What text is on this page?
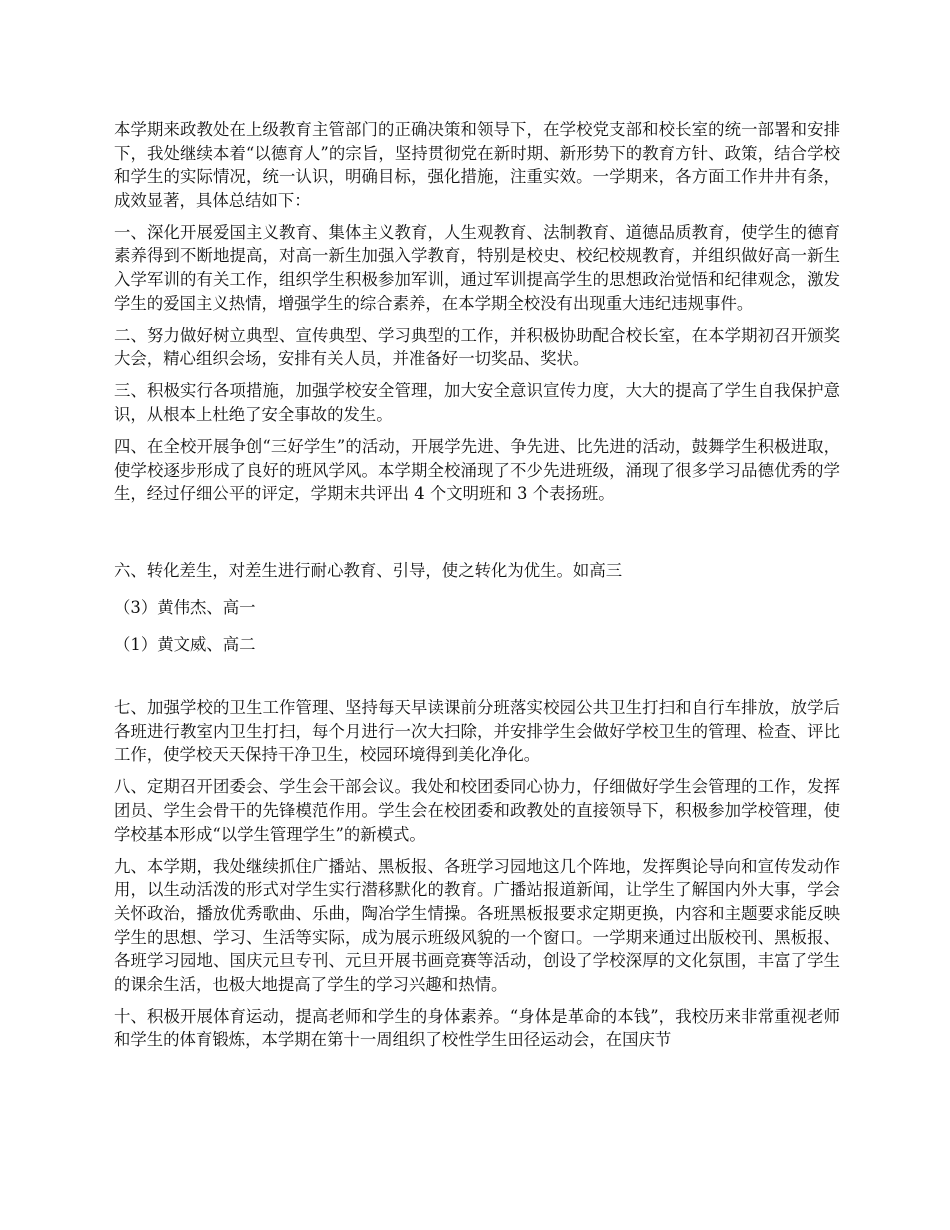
本学期来政教处在上级教育主管部门的正确决策和领导下，在学校党支部和校长室的统一部署和安排下，我处继续本着“以德育人”的宗旨，坚持贯彻党在新时期、新形势下的教育方针、政策，结合学校和学生的实际情况，统一认识，明确目标，强化措施，注重实效。一学期来，各方面工作井井有条，成效显著，具体总结如下：

一、深化开展爱国主义教育、集体主义教育，人生观教育、法制教育、道德品质教育，使学生的德育素养得到不断地提高，对高一新生加强入学教育，特别是校史、校纪校规教育，并组织做好高一新生入学军训的有关工作，组织学生积极参加军训，通过军训提高学生的思想政治觉悟和纪律观念，激发学生的爱国主义热情，增强学生的综合素养，在本学期全校没有出现重大违纪违规事件。

二、努力做好树立典型、宣传典型、学习典型的工作，并积极协助配合校长室，在本学期初召开颁奖大会，精心组织会场，安排有关人员，并准备好一切奖品、奖状。

三、积极实行各项措施，加强学校安全管理，加大安全意识宣传力度，大大的提高了学生自我保护意识，从根本上杜绝了安全事故的发生。

四、在全校开展争创“三好学生”的活动，开展学先进、争先进、比先进的活动，鼓舞学生积极进取，使学校逐步形成了良好的班风学风。本学期全校涌现了不少先进班级，涌现了很多学习品德优秀的学生，经过仔细公平的评定，学期末共评出 4 个文明班和 3 个表扬班。

六、转化差生，对差生进行耐心教育、引导，使之转化为优生。如高三

（3）黄伟杰、高一

（1）黄文威、高二

七、加强学校的卫生工作管理、坚持每天早读课前分班落实校园公共卫生打扫和自行车排放，放学后各班进行教室内卫生打扫，每个月进行一次大扫除，并安排学生会做好学校卫生的管理、检查、评比工作，使学校天天保持干净卫生，校园环境得到美化净化。

八、定期召开团委会、学生会干部会议。我处和校团委同心协力，仔细做好学生会管理的工作，发挥团员、学生会骨干的先锋模范作用。学生会在校团委和政教处的直接领导下，积极参加学校管理，使学校基本形成“以学生管理学生”的新模式。

九、本学期，我处继续抓住广播站、黑板报、各班学习园地这几个阵地，发挥舆论导向和宣传发动作用，以生动活泼的形式对学生实行潜移默化的教育。广播站报道新闻，让学生了解国内外大事，学会关怀政治，播放优秀歌曲、乐曲，陶冶学生情操。各班黑板报要求定期更换，内容和主题要求能反映学生的思想、学习、生活等实际，成为展示班级风貌的一个窗口。一学期来通过出版校刊、黑板报、各班学习园地、国庆元旦专刊、元旦开展书画竞赛等活动，创设了学校深厚的文化氛围，丰富了学生的课余生活，也极大地提高了学生的学习兴趣和热情。

十、积极开展体育运动，提高老师和学生的身体素养。“身体是革命的本钱”，我校历来非常重视老师和学生的体育锻炼，本学期在第十一周组织了校性学生田径运动会，在国庆节
